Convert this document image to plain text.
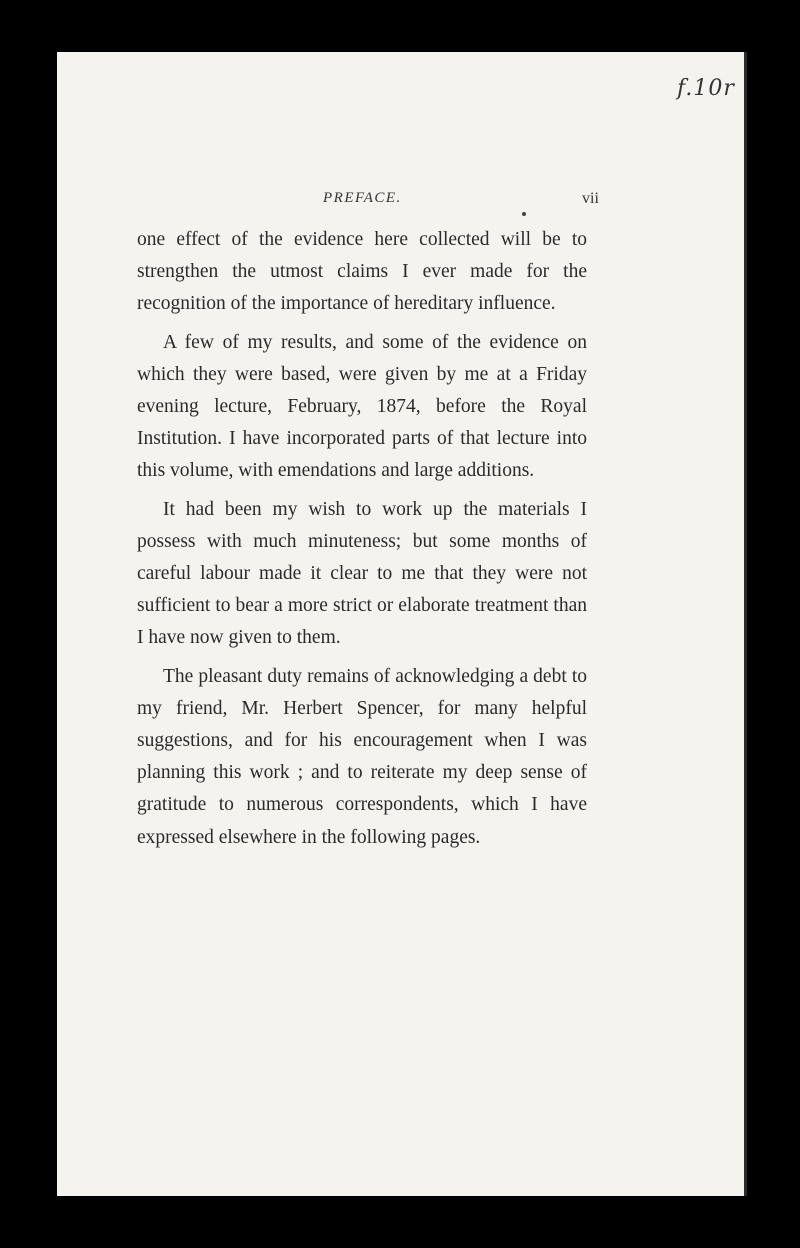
f.10r
PREFACE.	vii

one effect of the evidence here collected will be to strengthen the utmost claims I ever made for the recognition of the importance of hereditary influence.

A few of my results, and some of the evidence on which they were based, were given by me at a Friday evening lecture, February, 1874, before the Royal Institution. I have incorporated parts of that lecture into this volume, with emendations and large additions.

It had been my wish to work up the materials I possess with much minuteness; but some months of careful labour made it clear to me that they were not sufficient to bear a more strict or elaborate treatment than I have now given to them.

The pleasant duty remains of acknowledging a debt to my friend, Mr. Herbert Spencer, for many helpful suggestions, and for his encouragement when I was planning this work ; and to reiterate my deep sense of gratitude to numerous correspondents, which I have expressed elsewhere in the following pages.
